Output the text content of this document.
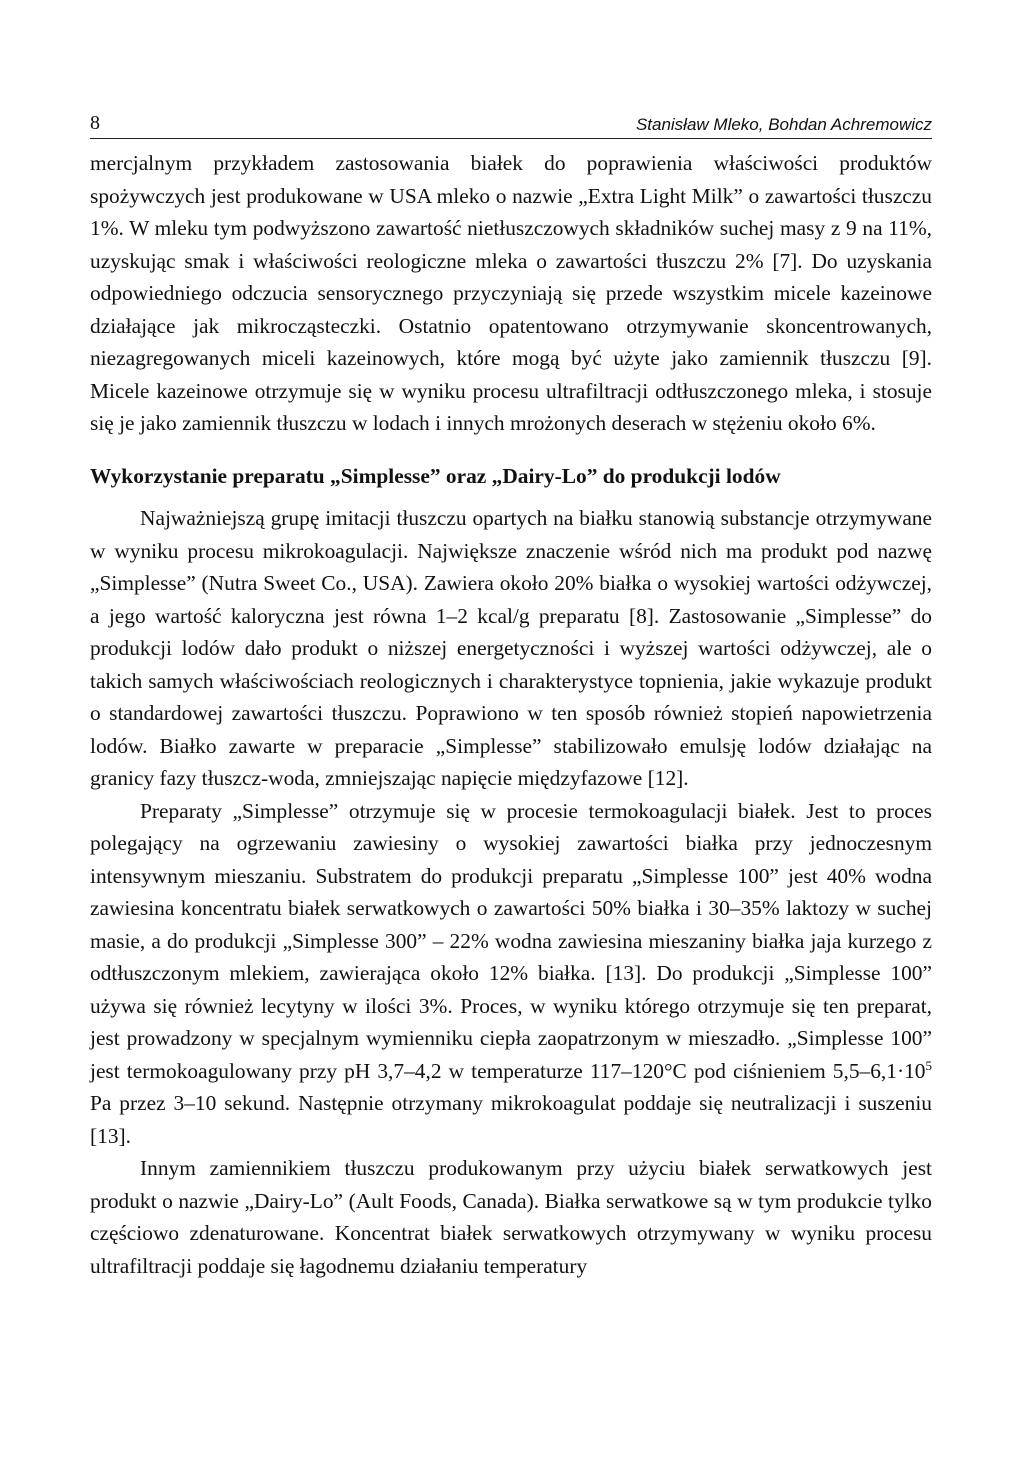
8	Stanisław Mleko, Bohdan Achremowicz

mercjalnym przykładem zastosowania białek do poprawienia właściwości produktów spożywczych jest produkowane w USA mleko o nazwie „Extra Light Milk” o zawartości tłuszczu 1%. W mleku tym podwyższono zawartość nietłuszczowych składników suchej masy z 9 na 11%, uzyskując smak i właściwości reologiczne mleka o zawartości tłuszczu 2% [7]. Do uzyskania odpowiedniego odczucia sensorycznego przyczyniają się przede wszystkim micele kazeinowe działające jak mikrocząsteczki. Ostatnio opatentowano otrzymywanie skoncentrowanych, niezagregowanych miceli kazeinowych, które mogą być użyte jako zamiennik tłuszczu [9]. Micele kazeinowe otrzymuje się w wyniku procesu ultrafiltracji odtłuszczonego mleka, i stosuje się je jako zamiennik tłuszczu w lodach i innych mrożonych deserach w stężeniu około 6%.

Wykorzystanie preparatu „Simplesse” oraz „Dairy-Lo” do produkcji lodów

Najważniejszą grupę imitacji tłuszczu opartych na białku stanowią substancje otrzymywane w wyniku procesu mikrokoagulacji. Największe znaczenie wśród nich ma produkt pod nazwę „Simplesse” (Nutra Sweet Co., USA). Zawiera około 20% białka o wysokiej wartości odżywczej, a jego wartość kaloryczna jest równa 1–2 kcal/g preparatu [8]. Zastosowanie „Simplesse” do produkcji lodów dało produkt o niższej energetyczności i wyższej wartości odżywczej, ale o takich samych właściwościach reologicznych i charakterystyce topnienia, jakie wykazuje produkt o standardowej zawartości tłuszczu. Poprawiono w ten sposób również stopień napowietrzenia lodów. Białko zawarte w preparacie „Simplesse” stabilizowało emulsję lodów działając na granicy fazy tłuszcz-woda, zmniejszając napięcie międzyfazowe [12].

Preparaty „Simplesse” otrzymuje się w procesie termokoagulacji białek. Jest to proces polegający na ogrzewaniu zawiesiny o wysokiej zawartości białka przy jednoczesnym intensywnym mieszaniu. Substratem do produkcji preparatu „Simplesse 100” jest 40% wodna zawiesina koncentratu białek serwatkowych o zawartości 50% białka i 30–35% laktozy w suchej masie, a do produkcji „Simplesse 300” – 22% wodna zawiesina mieszaniny białka jaja kurzego z odtłuszczonym mlekiem, zawierająca około 12% białka. [13]. Do produkcji „Simplesse 100” używa się również lecytyny w ilości 3%. Proces, w wyniku którego otrzymuje się ten preparat, jest prowadzony w specjalnym wymienniku ciepła zaopatrzonym w mieszadło. „Simplesse 100” jest termokoagulowany przy pH 3,7–4,2 w temperaturze 117–120°C pod ciśnieniem $5,5-6,1\cdot 10^5$ Pa przez 3–10 sekund. Następnie otrzymany mikrokoagulat poddaje się neutralizacji i suszeniu [13].

Innym zamiennikiem tłuszczu produkowanym przy użyciu białek serwatkowych jest produkt o nazwie „Dairy-Lo” (Ault Foods, Canada). Białka serwatkowe są w tym produkcie tylko częściowo zdenaturowane. Koncentrat białek serwatkowych otrzymywany w wyniku procesu ultrafiltracji poddaje się łagodnemu działaniu temperatury
